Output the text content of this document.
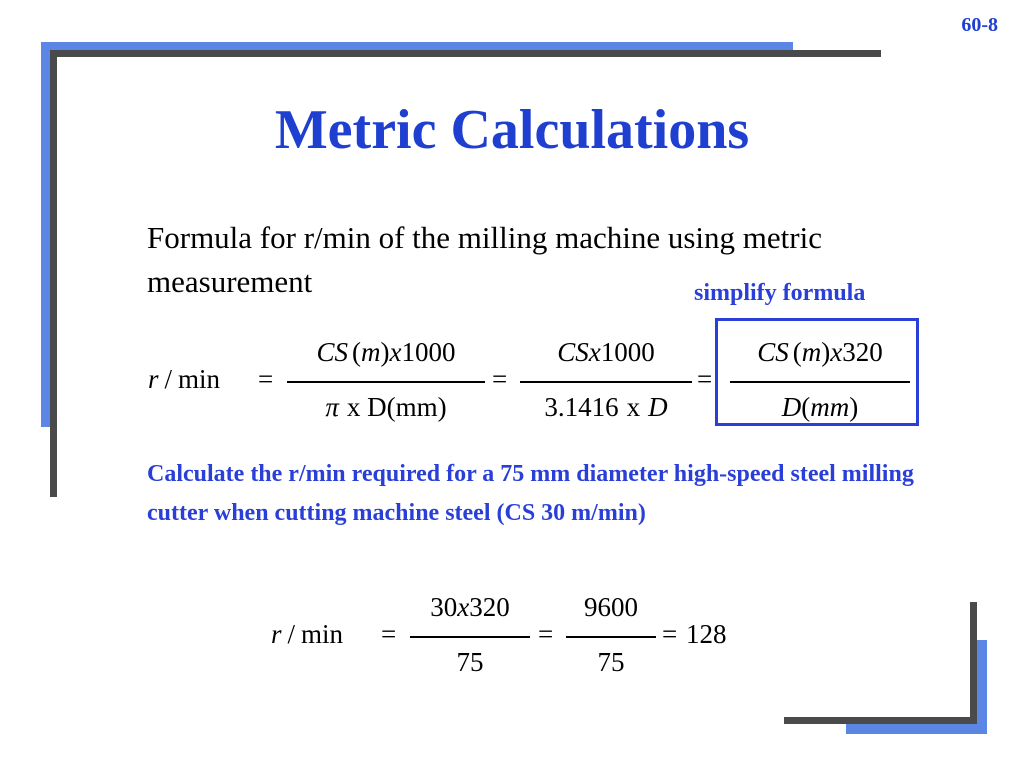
60-8
Metric Calculations
Formula for r/min of the milling machine using metric measurement	simplify formula
r / min =
CS (m)x1000
π x D(mm)
=
CSx1000
3.1416 x D
=
CS (m)x320
D(mm)
Calculate the r/min required for a 75 mm diameter high-speed steel milling cutter when cutting machine steel (CS 30 m/min)
r / min =
30x320
75
=
9600
75
= 128
